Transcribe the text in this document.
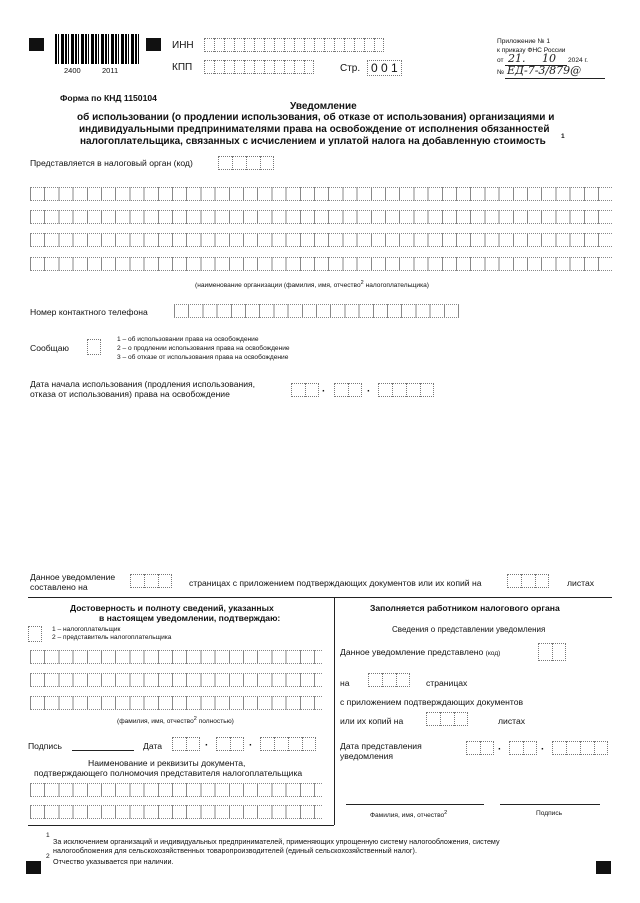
2400	2011
ИНН
КПП	Стр. 0 0 1
Приложение № 1
к приказу ФНС России
от 21. 10 2024 г.
№ ЕД-7-3/879@
Форма по КНД 1150104
Уведомление
об использовании (о продлении использования, об отказе от использования) организациями и
индивидуальными предпринимателями права на освобождение от исполнения обязанностей
налогоплательщика, связанных с исчислением и уплатой налога на добавленную стоимость 1
Представляется в налоговый орган (код)
(наименование организации (фамилия, имя, отчество$^2$ налогоплательщика)
Номер контактного телефона
Сообщаю
1 – об использовании права на освобождение
2 – о продлении использования права на освобождение
3 – об отказе от использования права на освобождение
Дата начала использования (продления использования,
отказа от использования) права на освобождение	·	·
Данное уведомление
составлено на	страницах с приложением подтверждающих документов или их копий на	листах
Достоверность и полноту сведений, указанных
в настоящем уведомлении, подтверждаю:
1 – налогоплательщик
2 – представитель налогоплательщика
(фамилия, имя, отчество$^2$ полностью)
Подпись	Дата	·	·
Наименование и реквизиты документа,
подтверждающего полномочия представителя налогоплательщика
Заполняется работником налогового органа
Сведения о представлении уведомления
Данное уведомление представлено (код)
на	страницах
с приложением подтверждающих документов
или их копий на	листах
Дата представления
уведомления
·	·
Фамилия, имя, отчество$^2$	Подпись
1
За исключением организаций и индивидуальных предпринимателей, применяющих упрощенную систему налогообложения, систему
налогообложения для сельскохозяйственных товаропроизводителей (единый сельскохозяйственный налог).
2
Отчество указывается при наличии.
